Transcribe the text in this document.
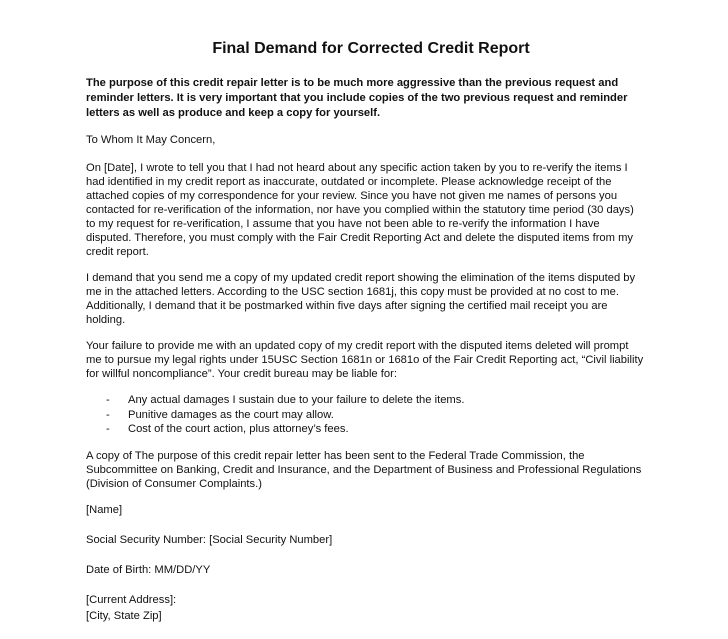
Final Demand for Corrected Credit Report
The purpose of this credit repair letter is to be much more aggressive than the previous request and reminder letters. It is very important that you include copies of the two previous request and reminder letters as well as produce and keep a copy for yourself.

To Whom It May Concern,

On [Date], I wrote to tell you that I had not heard about any specific action taken by you to re-verify the items I had identified in my credit report as inaccurate, outdated or incomplete. Please acknowledge receipt of the attached copies of my correspondence for your review. Since you have not given me names of persons you contacted for re-verification of the information, nor have you complied within the statutory time period (30 days) to my request for re-verification, I assume that you have not been able to re-verify the information I have disputed. Therefore, you must comply with the Fair Credit Reporting Act and delete the disputed items from my credit report.

I demand that you send me a copy of my updated credit report showing the elimination of the items disputed by me in the attached letters. According to the USC section 1681j, this copy must be provided at no cost to me. Additionally, I demand that it be postmarked within five days after signing the certified mail receipt you are holding.

Your failure to provide me with an updated copy of my credit report with the disputed items deleted will prompt me to pursue my legal rights under 15USC Section 1681n or 1681o of the Fair Credit Reporting act, “Civil liability for willful noncompliance”. Your credit bureau may be liable for:

- Any actual damages I sustain due to your failure to delete the items.
- Punitive damages as the court may allow.
- Cost of the court action, plus attorney’s fees.

A copy of The purpose of this credit repair letter has been sent to the Federal Trade Commission, the Subcommittee on Banking, Credit and Insurance, and the Department of Business and Professional Regulations (Division of Consumer Complaints.)

[Name]
Social Security Number: [Social Security Number]
Date of Birth: MM/DD/YY
[Current Address]:
[City, State Zip]
